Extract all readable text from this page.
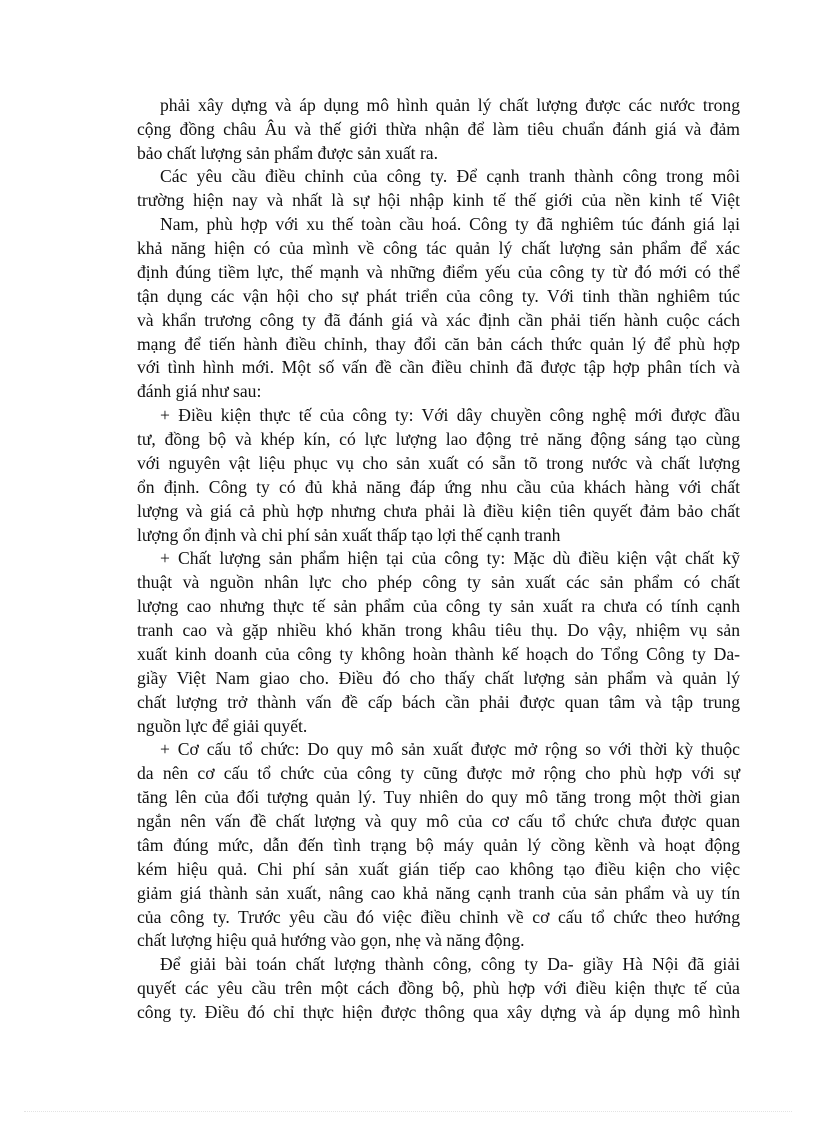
phải xây dựng và áp dụng mô hình quản lý chất lượng được các nước trong
cộng đồng châu Âu và thế giới thừa nhận để làm tiêu chuẩn đánh giá và đảm
bảo chất lượng sản phẩm được sản xuất ra.
Các yêu cầu điều chỉnh của công ty. Để cạnh tranh thành công trong môi
trường hiện nay và nhất là sự hội nhập kinh tế thế giới của nền kinh tế Việt
Nam, phù hợp với xu thế toàn cầu hoá. Công ty đã nghiêm túc đánh giá lại
khả năng hiện có của mình về công tác quản lý chất lượng sản phẩm để xác
định đúng tiềm lực, thế mạnh và những điểm yếu của công ty từ đó mới có thể
tận dụng các vận hội cho sự phát triển của công ty. Với tinh thần nghiêm túc
và khẩn trương công ty đã đánh giá và xác định cần phải tiến hành cuộc cách
mạng để tiến hành điều chỉnh, thay đổi căn bản cách thức quản lý để phù hợp
với tình hình mới. Một số vấn đề cần điều chỉnh đã được tập hợp phân tích và
đánh giá như sau:
+ Điều kiện thực tế của công ty: Với dây chuyền công nghệ mới được đầu
tư, đồng bộ và khép kín, có lực lượng lao động trẻ năng động sáng tạo cùng
với nguyên vật liệu phục vụ cho sản xuất có sẵn tõ trong nước và chất lượng
ổn định. Công ty có đủ khả năng đáp ứng nhu cầu của khách hàng với chất
lượng và giá cả phù hợp nhưng chưa phải là điều kiện tiên quyết đảm bảo chất
lượng ổn định và chi phí sản xuất thấp tạo lợi thế cạnh tranh
+ Chất lượng sản phẩm hiện tại của công ty: Mặc dù điều kiện vật chất kỹ
thuật và nguồn nhân lực cho phép công ty sản xuất các sản phẩm có chất
lượng cao nhưng thực tế sản phẩm của công ty sản xuất ra chưa có tính cạnh
tranh cao và gặp nhiều khó khăn trong khâu tiêu thụ. Do vậy, nhiệm vụ sản
xuất kinh doanh của công ty không hoàn thành kế hoạch do Tổng Công ty Da-
giầy Việt Nam giao cho. Điều đó cho thấy chất lượng sản phẩm và quản lý
chất lượng trở thành vấn đề cấp bách cần phải được quan tâm và tập trung
nguồn lực để giải quyết.
+ Cơ cấu tổ chức: Do quy mô sản xuất được mở rộng so với thời kỳ thuộc
da nên cơ cấu tổ chức của công ty cũng được mở rộng cho phù hợp với sự
tăng lên của đối tượng quản lý. Tuy nhiên do quy mô tăng trong một thời gian
ngắn nên vấn đề chất lượng và quy mô của cơ cấu tổ chức chưa được quan
tâm đúng mức, dẫn đến tình trạng bộ máy quản lý cồng kềnh và hoạt động
kém hiệu quả. Chi phí sản xuất gián tiếp cao không tạo điều kiện cho việc
giảm giá thành sản xuất, nâng cao khả năng cạnh tranh của sản phẩm và uy tín
của công ty. Trước yêu cầu đó việc điều chỉnh về cơ cấu tổ chức theo hướng
chất lượng hiệu quả hướng vào gọn, nhẹ và năng động.
Để giải bài toán chất lượng thành công, công ty Da- giầy Hà Nội đã giải
quyết các yêu cầu trên một cách đồng bộ, phù hợp với điều kiện thực tế của
công ty. Điều đó chỉ thực hiện được thông qua xây dựng và áp dụng mô hình
